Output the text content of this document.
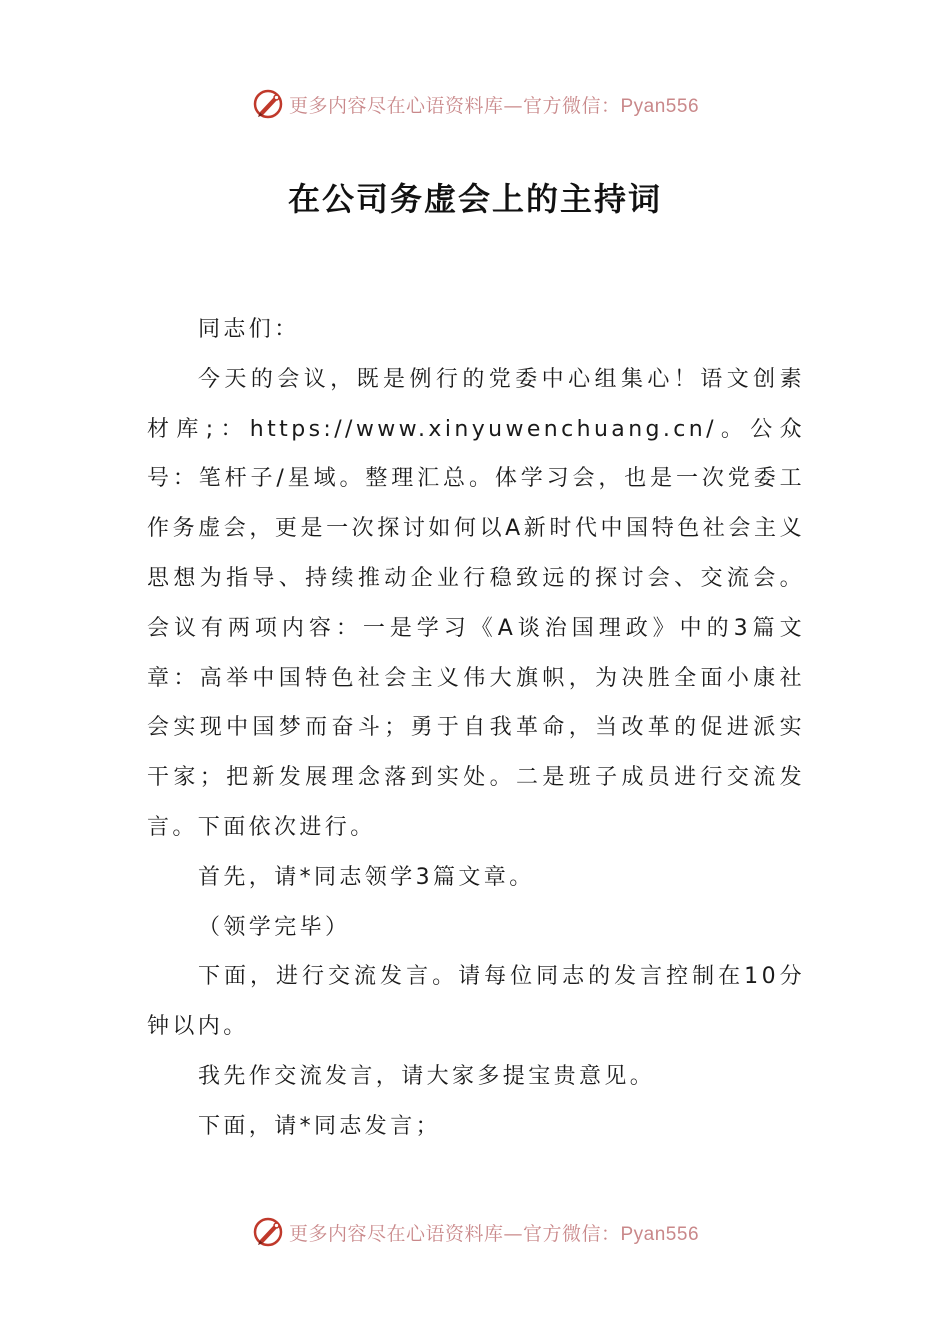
更多内容尽在心语资料库—官方微信：Pyan556
在公司务虚会上的主持词

同志们：

今天的会议，既是例行的党委中心组集心！语文创素材库;：https://www.xinyuwenchuang.cn/。公众号：笔杆子/星域。整理汇总。体学习会，也是一次党委工作务虚会，更是一次探讨如何以A新时代中国特色社会主义思想为指导、持续推动企业行稳致远的探讨会、交流会。会议有两项内容：一是学习《A谈治国理政》中的3篇文章：高举中国特色社会主义伟大旗帜，为决胜全面小康社会实现中国梦而奋斗；勇于自我革命，当改革的促进派实干家；把新发展理念落到实处。二是班子成员进行交流发言。下面依次进行。

首先，请*同志领学3篇文章。

（领学完毕）

下面，进行交流发言。请每位同志的发言控制在10分钟以内。

我先作交流发言，请大家多提宝贵意见。

下面，请*同志发言；

更多内容尽在心语资料库—官方微信：Pyan556
